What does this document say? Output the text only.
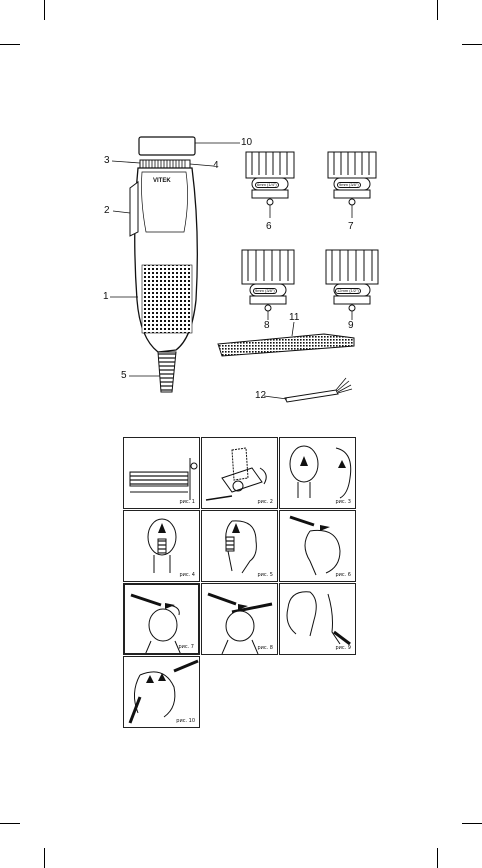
10
3	4
2
1
5
6	7
8	9
11
12
VITEK
6mm (1/4")	9mm (3/8")
9mm (3/8")	12mm (1/2")
рис. 1	рис. 2	рис. 3
рис. 4	рис. 5	рис. 6
рис. 7	рис. 8	рис. 9
рис. 10
